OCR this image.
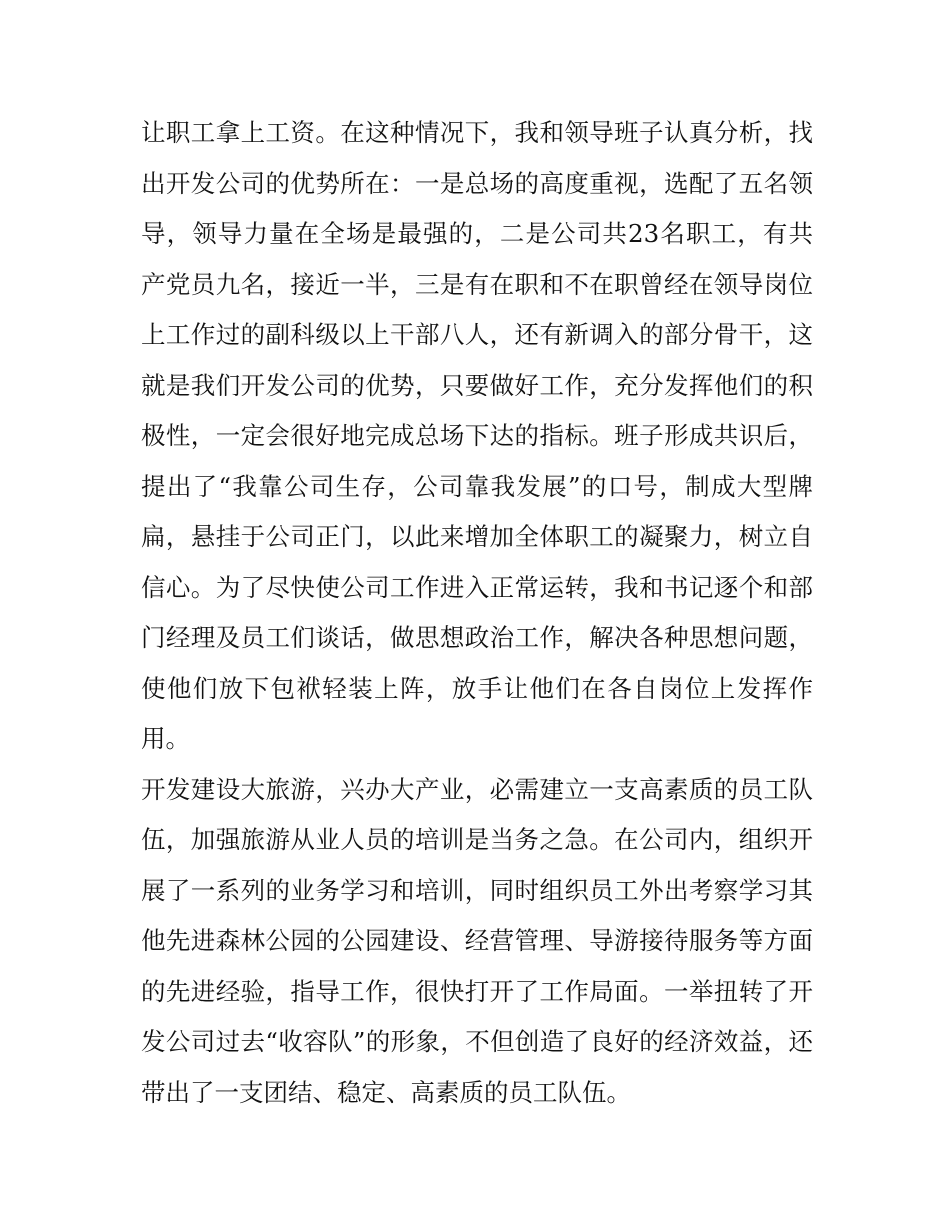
让职工拿上工资。在这种情况下，我和领导班子认真分析，找
出开发公司的优势所在：一是总场的高度重视，选配了五名领
导，领导力量在全场是最强的，二是公司共23名职工，有共
产党员九名，接近一半，三是有在职和不在职曾经在领导岗位
上工作过的副科级以上干部八人，还有新调入的部分骨干，这
就是我们开发公司的优势，只要做好工作，充分发挥他们的积
极性，一定会很好地完成总场下达的指标。班子形成共识后，
提出了“我靠公司生存，公司靠我发展”的口号，制成大型牌
扁，悬挂于公司正门，以此来增加全体职工的凝聚力，树立自
信心。为了尽快使公司工作进入正常运转，我和书记逐个和部
门经理及员工们谈话，做思想政治工作，解决各种思想问题，
使他们放下包袱轻装上阵，放手让他们在各自岗位上发挥作
用。
开发建设大旅游，兴办大产业，必需建立一支高素质的员工队
伍，加强旅游从业人员的培训是当务之急。在公司内，组织开
展了一系列的业务学习和培训，同时组织员工外出考察学习其
他先进森林公园的公园建设、经营管理、导游接待服务等方面
的先进经验，指导工作，很快打开了工作局面。一举扭转了开
发公司过去“收容队”的形象，不但创造了良好的经济效益，还
带出了一支团结、稳定、高素质的员工队伍。
